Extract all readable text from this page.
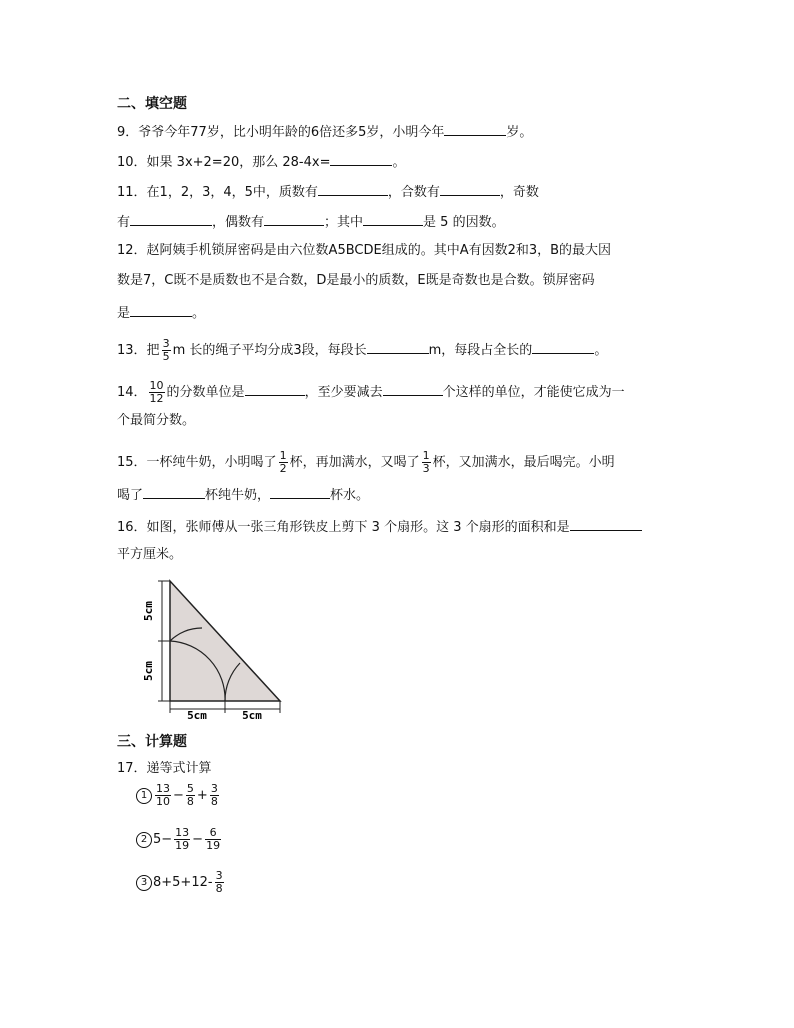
二、填空题
9．爷爷今年77岁，比小明年龄的6倍还多5岁，小明今年	岁。
10．如果 3x+2=20，那么 28-4x=	。
11．在1，2，3，4，5中，质数有	，合数有	，奇数
有	，偶数有	；其中	是 5 的因数。
12．赵阿姨手机锁屏密码是由六位数A5BCDE组成的。其中A有因数2和3，B的最大因
数是7，C既不是质数也不是合数，D是最小的质数，E既是奇数也是合数。锁屏密码
是	。
13．把 $\frac{3}{5}$ m 长的绳子平均分成3段，每段长	m，每段占全长的	。
14． $\frac{10}{12}$ 的分数单位是	，至少要减去	个这样的单位，才能使它成为一
个最简分数。
15．一杯纯牛奶，小明喝了 $\frac{1}{2}$ 杯，再加满水，又喝了 $\frac{1}{3}$ 杯，又加满水，最后喝完。小明
喝了	杯纯牛奶，	杯水。
16．如图，张师傅从一张三角形铁皮上剪下 3 个扇形。这 3 个扇形的面积和是
平方厘米。
5cm
5cm
5cm	5cm
三、计算题
17．递等式计算
$1 \frac{13}{10} - \frac{5}{8} + \frac{3}{8}$
2 $5- \frac{13}{19} - \frac{6}{19}$
3 $8+5+12- \frac{3}{8}$
